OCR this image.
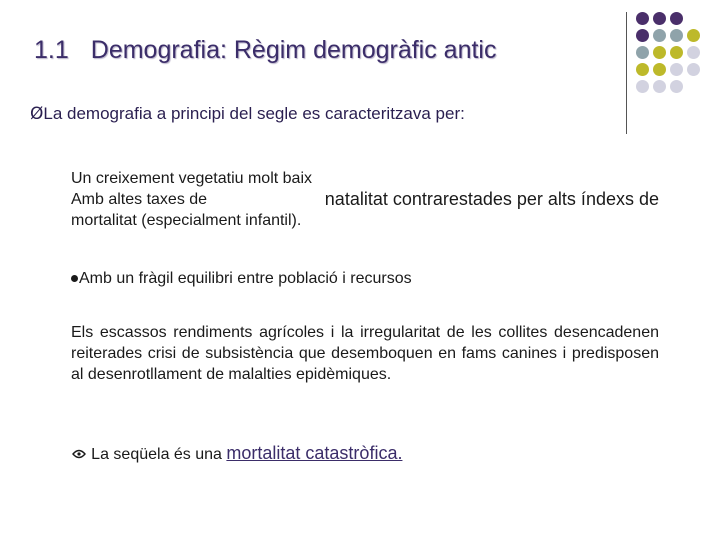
1.1 Demografia: Règim demogràfic antic
ØLa demografia a principi del segle es caracteritzava per:
Un creixement vegetatiu molt baix
Amb altes taxes de	natalitat contrarestades per alts índexs de
mortalitat (especialment infantil).
Amb un fràgil equilibri entre població i recursos
Els escassos rendiments agrícoles i la irregularitat de les collites desencadenen reiterades crisi de subsistència que desemboquen en fams canines i predisposen al desenrotllament de malalties epidèmiques.
La seqüela és una mortalitat catastròfica.
